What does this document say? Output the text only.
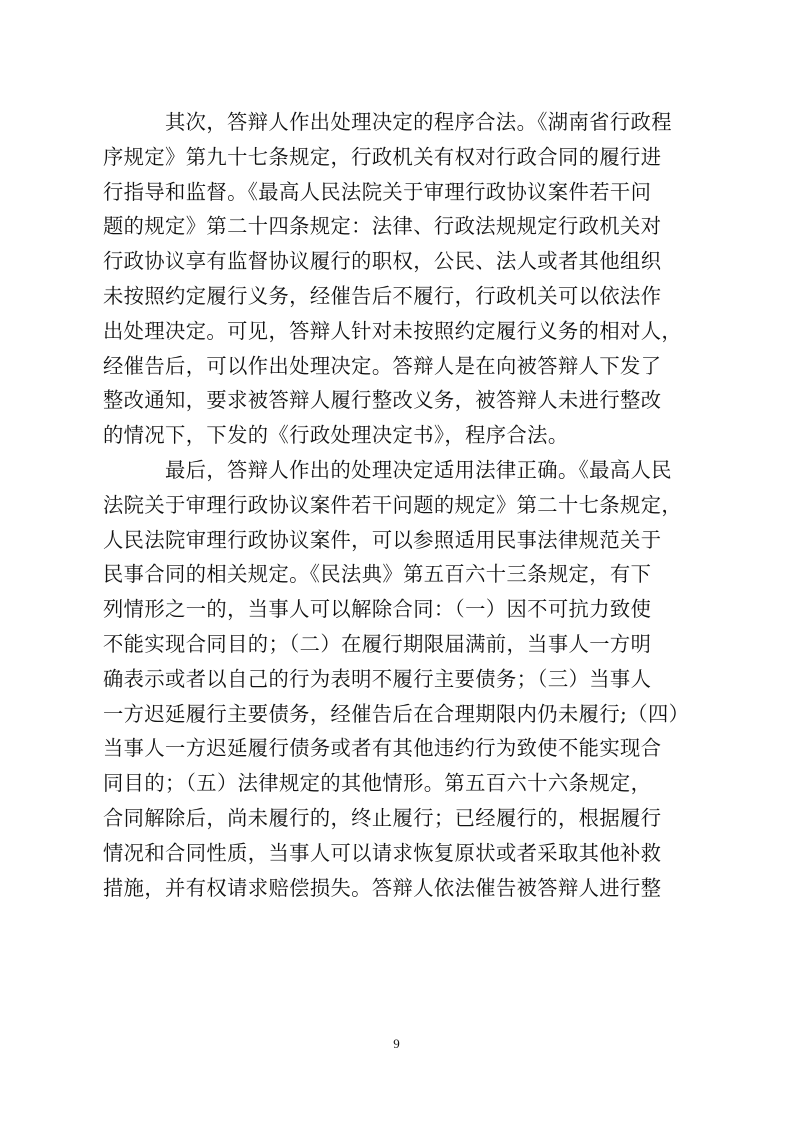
其次，答辩人作出处理决定的程序合法。《湖南省行政程
序规定》第九十七条规定，行政机关有权对行政合同的履行进
行指导和监督。《最高人民法院关于审理行政协议案件若干问
题的规定》第二十四条规定：法律、行政法规规定行政机关对
行政协议享有监督协议履行的职权，公民、法人或者其他组织
未按照约定履行义务，经催告后不履行，行政机关可以依法作
出处理决定。可见，答辩人针对未按照约定履行义务的相对人，
经催告后，可以作出处理决定。答辩人是在向被答辩人下发了
整改通知，要求被答辩人履行整改义务，被答辩人未进行整改
的情况下，下发的《行政处理决定书》，程序合法。
最后，答辩人作出的处理决定适用法律正确。《最高人民
法院关于审理行政协议案件若干问题的规定》第二十七条规定，
人民法院审理行政协议案件，可以参照适用民事法律规范关于
民事合同的相关规定。《民法典》第五百六十三条规定，有下
列情形之一的，当事人可以解除合同：（一）因不可抗力致使
不能实现合同目的；（二）在履行期限届满前，当事人一方明
确表示或者以自己的行为表明不履行主要债务；（三）当事人
一方迟延履行主要债务，经催告后在合理期限内仍未履行;（四）
当事人一方迟延履行债务或者有其他违约行为致使不能实现合
同目的；（五）法律规定的其他情形。第五百六十六条规定，
合同解除后，尚未履行的，终止履行；已经履行的，根据履行
情况和合同性质，当事人可以请求恢复原状或者采取其他补救
措施，并有权请求赔偿损失。答辩人依法催告被答辩人进行整
9
